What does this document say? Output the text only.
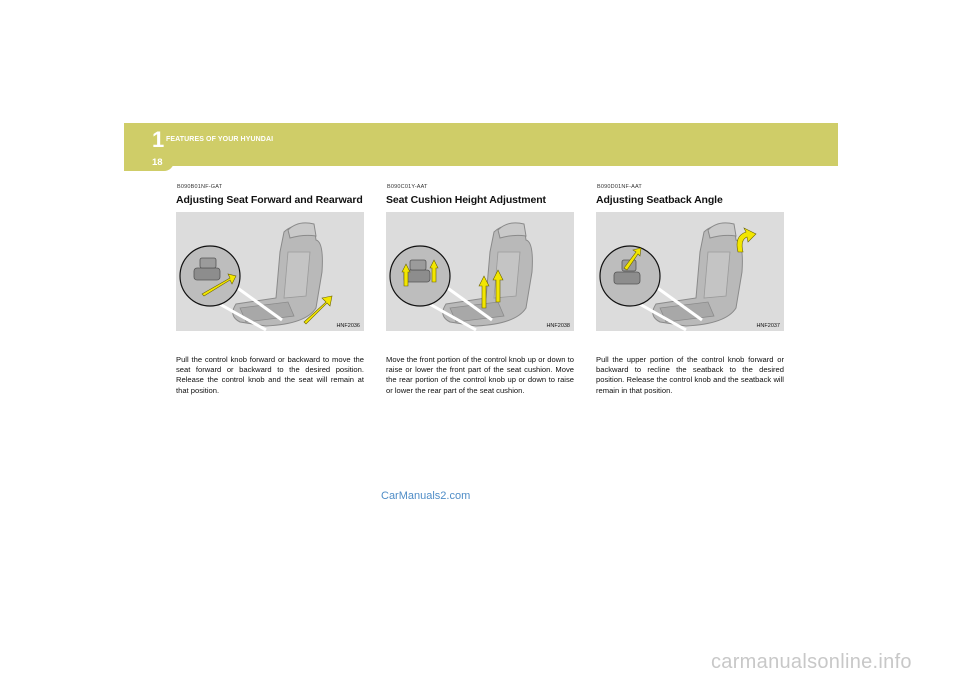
1 FEATURES OF YOUR HYUNDAI
18
B090B01NF-GAT
Adjusting Seat Forward and Rearward
HNF2036
Pull the control knob forward or backward to move the seat forward or backward to the desired position. Release the control knob and the seat will remain at that position.
B090C01Y-AAT
Seat Cushion Height Adjustment
HNF2038
Move the front portion of the control knob up or down to raise or lower the front part of the seat cushion. Move the rear portion of the control knob up or down to raise or lower the rear part of the seat cushion.
B090D01NF-AAT
Adjusting Seatback Angle
HNF2037
Pull the upper portion of the control knob forward or backward to recline the seatback to the desired position. Release the control knob and the seatback will remain in that position.
CarManuals2.com
carmanualsonline.info
